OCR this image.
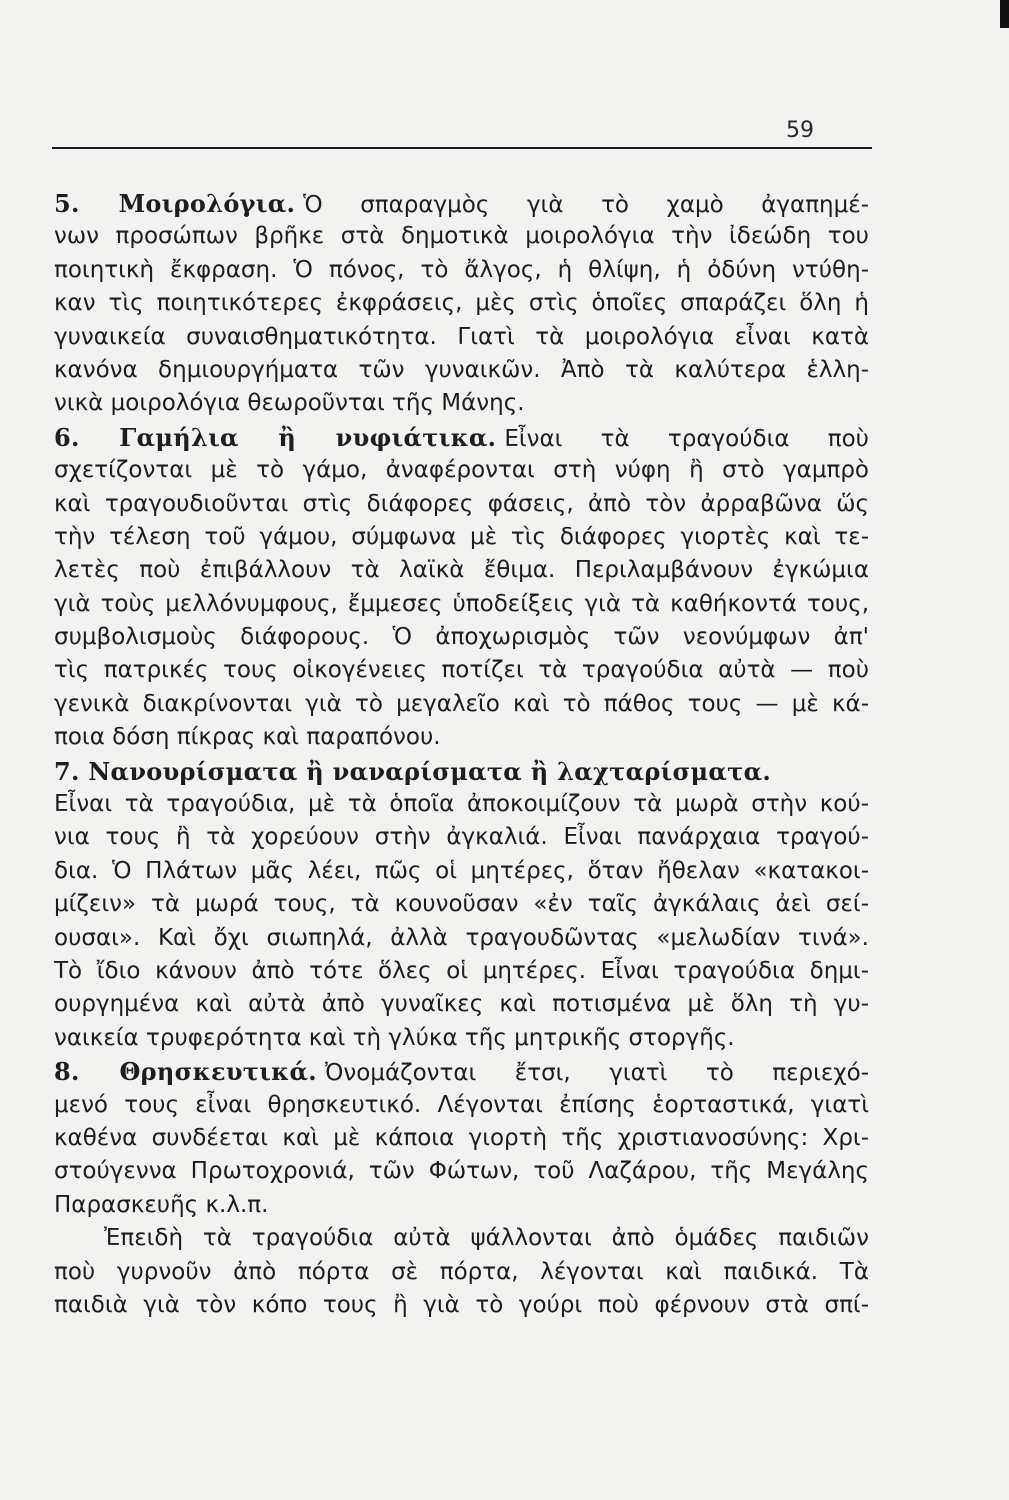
59
5. Μοιρολόγια. Ὁ σπαραγμὸς γιὰ τὸ χαμὸ ἀγαπημέ-
νων προσώπων βρῆκε στὰ δημοτικὰ μοιρολόγια τὴν ἰδεώδη του
ποιητικὴ ἔκφραση. Ὁ πόνος, τὸ ἄλγος, ἡ θλίψη, ἡ ὀδύνη ντύθη-
καν τὶς ποιητικότερες ἐκφράσεις, μὲς στὶς ὁποῖες σπαράζει ὅλη ἡ
γυναικεία συναισθηματικότητα. Γιατὶ τὰ μοιρολόγια εἶναι κατὰ
κανόνα δημιουργήματα τῶν γυναικῶν. Ἀπὸ τὰ καλύτερα ἑλλη-
νικὰ μοιρολόγια θεωροῦνται τῆς Μάνης.
6. Γαμήλια ἢ νυφιάτικα. Εἶναι τὰ τραγούδια ποὺ
σχετίζονται μὲ τὸ γάμο, ἀναφέρονται στὴ νύφη ἢ στὸ γαμπρὸ
καὶ τραγουδιοῦνται στὶς διάφορες φάσεις, ἀπὸ τὸν ἀρραβῶνα ὥς
τὴν τέλεση τοῦ γάμου, σύμφωνα μὲ τὶς διάφορες γιορτὲς καὶ τε-
λετὲς ποὺ ἐπιβάλλουν τὰ λαϊκὰ ἔθιμα. Περιλαμβάνουν ἐγκώμια
γιὰ τοὺς μελλόνυμφους, ἔμμεσες ὑποδείξεις γιὰ τὰ καθήκοντά τους,
συμβολισμοὺς διάφορους. Ὁ ἀποχωρισμὸς τῶν νεονύμφων ἀπ'
τὶς πατρικές τους οἰκογένειες ποτίζει τὰ τραγούδια αὐτὰ — ποὺ
γενικὰ διακρίνονται γιὰ τὸ μεγαλεῖο καὶ τὸ πάθος τους — μὲ κά-
ποια δόση πίκρας καὶ παραπόνου.
7. Νανουρίσματα ἢ ναναρίσματα ἢ λαχταρίσματα.
Εἶναι τὰ τραγούδια, μὲ τὰ ὁποῖα ἀποκοιμίζουν τὰ μωρὰ στὴν κού-
νια τους ἢ τὰ χορεύουν στὴν ἀγκαλιά. Εἶναι πανάρχαια τραγού-
δια. Ὁ Πλάτων μᾶς λέει, πῶς οἱ μητέρες, ὅταν ἤθελαν «κατακοι-
μίζειν» τὰ μωρά τους, τὰ κουνοῦσαν «ἐν ταῖς ἀγκάλαις ἀεὶ σεί-
ουσαι». Καὶ ὄχι σιωπηλά, ἀλλὰ τραγουδῶντας «μελωδίαν τινά».
Τὸ ἴδιο κάνουν ἀπὸ τότε ὅλες οἱ μητέρες. Εἶναι τραγούδια δημι-
ουργημένα καὶ αὐτὰ ἀπὸ γυναῖκες καὶ ποτισμένα μὲ ὅλη τὴ γυ-
ναικεία τρυφερότητα καὶ τὴ γλύκα τῆς μητρικῆς στοργῆς.
8. Θρησκευτικά. Ὀνομάζονται ἔτσι, γιατὶ τὸ περιεχό-
μενό τους εἶναι θρησκευτικό. Λέγονται ἐπίσης ἑορταστικά, γιατὶ
καθένα συνδέεται καὶ μὲ κάποια γιορτὴ τῆς χριστιανοσύνης: Χρι-
στούγεννα Πρωτοχρονιά, τῶν Φώτων, τοῦ Λαζάρου, τῆς Μεγάλης
Παρασκευῆς κ.λ.π.
Ἐπειδὴ τὰ τραγούδια αὐτὰ ψάλλονται ἀπὸ ὁμάδες παιδιῶν
ποὺ γυρνοῦν ἀπὸ πόρτα σὲ πόρτα, λέγονται καὶ παιδικά. Τὰ
παιδιὰ γιὰ τὸν κόπο τους ἢ γιὰ τὸ γούρι ποὺ φέρνουν στὰ σπί-
